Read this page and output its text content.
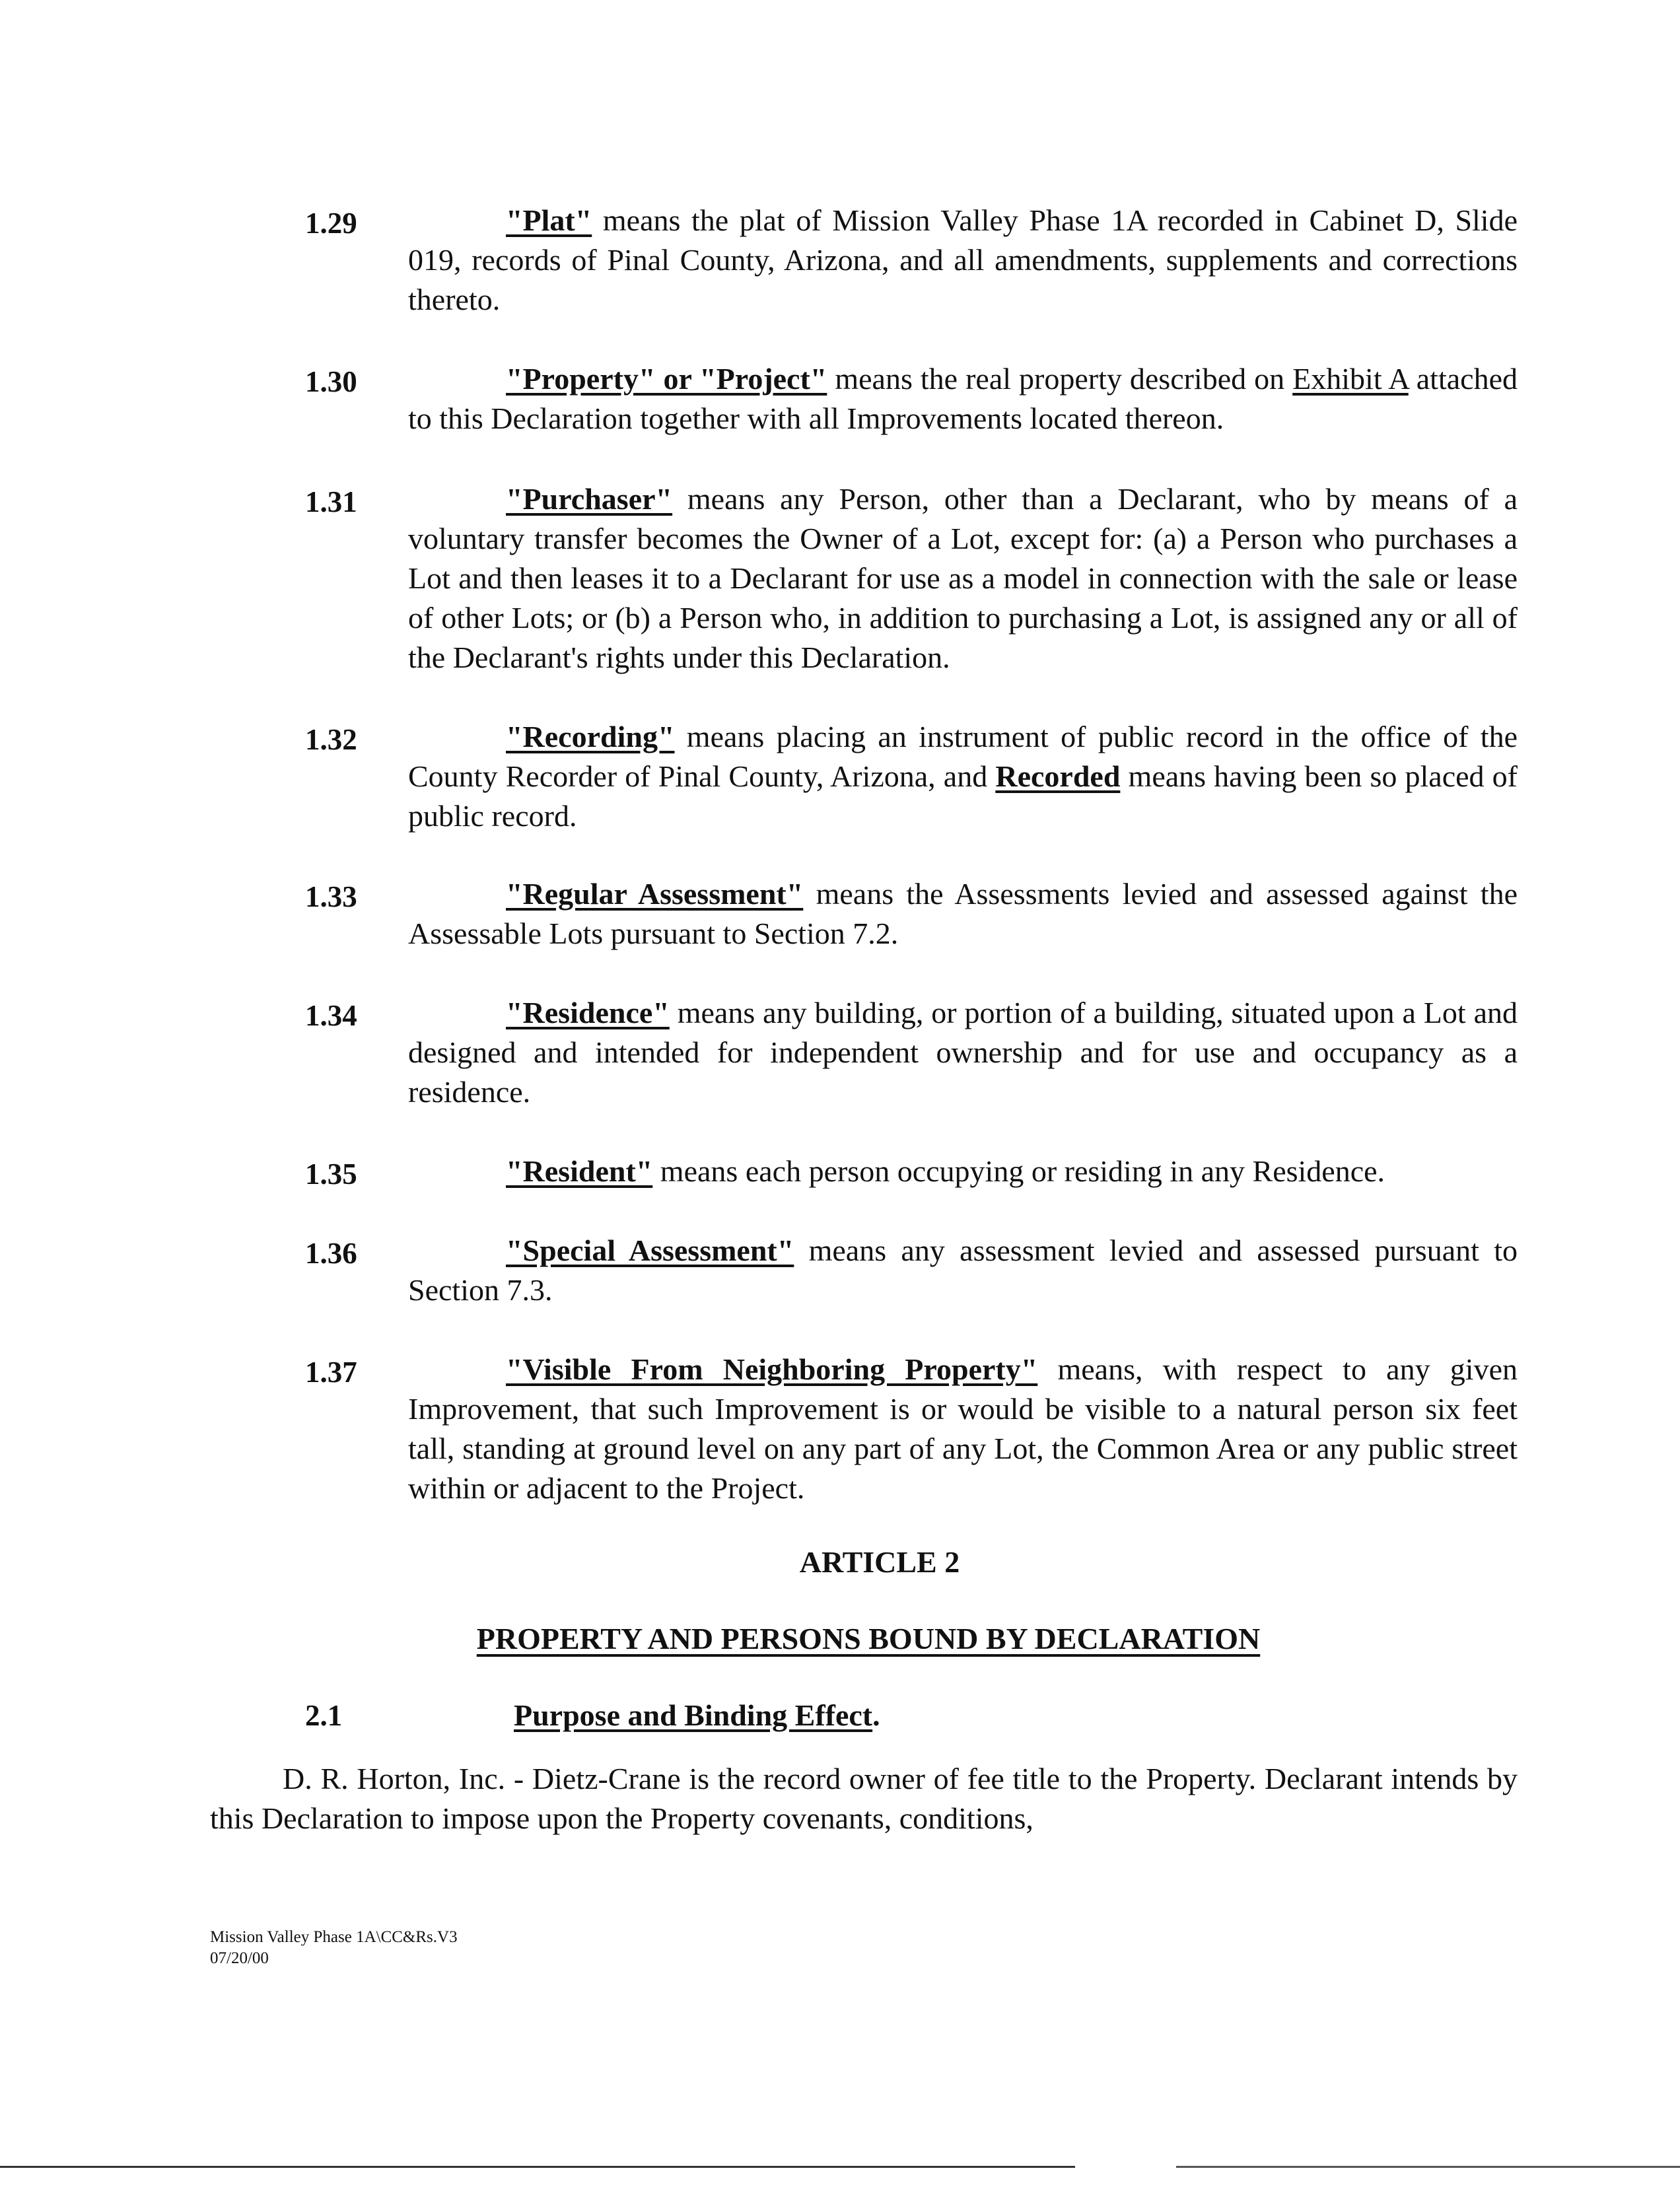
1.29	"Plat" means the plat of Mission Valley Phase 1A recorded in Cabinet D, Slide 019, records of Pinal County, Arizona, and all amendments, supplements and corrections thereto.
1.30	"Property" or "Project" means the real property described on Exhibit A attached to this Declaration together with all Improvements located thereon.
1.31	"Purchaser" means any Person, other than a Declarant, who by means of a voluntary transfer becomes the Owner of a Lot, except for: (a) a Person who purchases a Lot and then leases it to a Declarant for use as a model in connection with the sale or lease of other Lots; or (b) a Person who, in addition to purchasing a Lot, is assigned any or all of the Declarant's rights under this Declaration.
1.32	"Recording" means placing an instrument of public record in the office of the County Recorder of Pinal County, Arizona, and Recorded means having been so placed of public record.
1.33	"Regular Assessment" means the Assessments levied and assessed against the Assessable Lots pursuant to Section 7.2.
1.34	"Residence" means any building, or portion of a building, situated upon a Lot and designed and intended for independent ownership and for use and occupancy as a residence.
1.35	"Resident" means each person occupying or residing in any Residence.
1.36	"Special Assessment" means any assessment levied and assessed pursuant to Section 7.3.
1.37	"Visible From Neighboring Property" means, with respect to any given Improvement, that such Improvement is or would be visible to a natural person six feet tall, standing at ground level on any part of any Lot, the Common Area or any public street within or adjacent to the Project.
ARTICLE 2
PROPERTY AND PERSONS BOUND BY DECLARATION
2.1	Purpose and Binding Effect.
D. R. Horton, Inc. - Dietz-Crane is the record owner of fee title to the Property. Declarant intends by this Declaration to impose upon the Property covenants, conditions,
Mission Valley Phase 1A\CC&Rs.V3
07/20/00
